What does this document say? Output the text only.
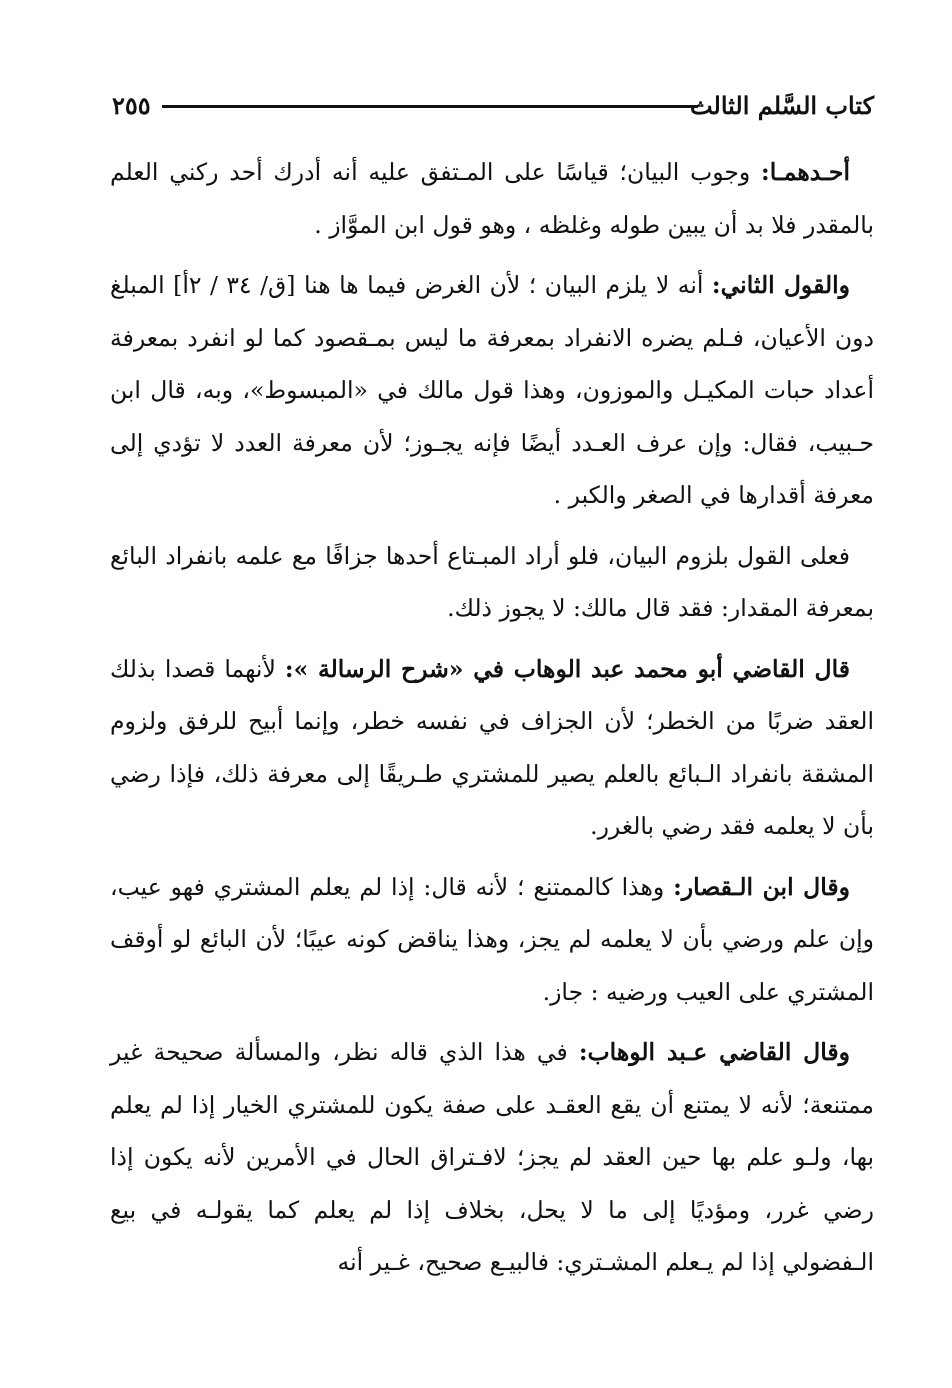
كتاب السَّلم الثالث
٢٥٥

أحـدهمـا: وجوب البيان؛ قياسًا على المـتفق عليه أنه أدرك أحد ركني العلم بالمقدر فلا بد أن يبين طوله وغلظه ، وهو قول ابن الموَّاز .

والقول الثاني: أنه لا يلزم البيان ؛ لأن الغرض فيما ها هنا [ق/ ٣٤ / ٢أ] المبلغ دون الأعيان، فـلم يضره الانفراد بمعرفة ما ليس بمـقصود كما لو انفرد بمعرفة أعداد حبات المكيـل والموزون، وهذا قول مالك في «المبسوط»، وبه، قال ابن حـبيب، فقال: وإن عرف العـدد أيضًا فإنه يجـوز؛ لأن معرفة العدد لا تؤدي إلى معرفة أقدارها في الصغر والكبر .

فعلى القول بلزوم البيان، فلو أراد المبـتاع أحدها جزافًا مع علمه بانفراد البائع بمعرفة المقدار: فقد قال مالك: لا يجوز ذلك.

قال القاضي أبو محمد عبد الوهاب في «شرح الرسالة »: لأنهما قصدا بذلك العقد ضربًا من الخطر؛ لأن الجزاف في نفسه خطر، وإنما أبيح للرفق ولزوم المشقة بانفراد الـبائع بالعلم يصير للمشتري طـريقًا إلى معرفة ذلك، فإذا رضي بأن لا يعلمه فقد رضي بالغرر.

وقال ابن الـقصار: وهذا كالممتنع ؛ لأنه قال: إذا لم يعلم المشتري فهو عيب، وإن علم ورضي بأن لا يعلمه لم يجز، وهذا يناقض كونه عيبًا؛ لأن البائع لو أوقف المشتري على العيب ورضيه : جاز.

وقال القاضي عـبد الوهاب: في هذا الذي قاله نظر، والمسألة صحيحة غير ممتنعة؛ لأنه لا يمتنع أن يقع العقـد على صفة يكون للمشتري الخيار إذا لم يعلم بها، ولـو علم بها حين العقد لم يجز؛ لافـتراق الحال في الأمرين لأنه يكون إذا رضي غرر، ومؤديًا إلى ما لا يحل، بخلاف إذا لم يعلم كما يقولـه في بيع الـفضولي إذا لم يـعلم المشـتري: فالبيـع صحيح، غـير أنه
